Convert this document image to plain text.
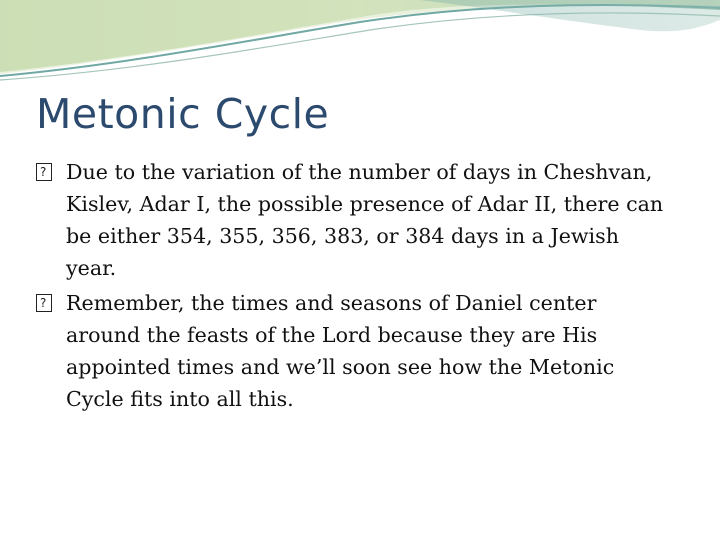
Metonic Cycle
?
Due to the variation of the number of days in Cheshvan, Kislev, Adar I, the possible presence of Adar II, there can be either 354, 355, 356, 383, or 384 days in a Jewish year.
?
Remember, the times and seasons of Daniel center around the feasts of the Lord because they are His appointed times and we’ll soon see how the Metonic Cycle fits into all this.
